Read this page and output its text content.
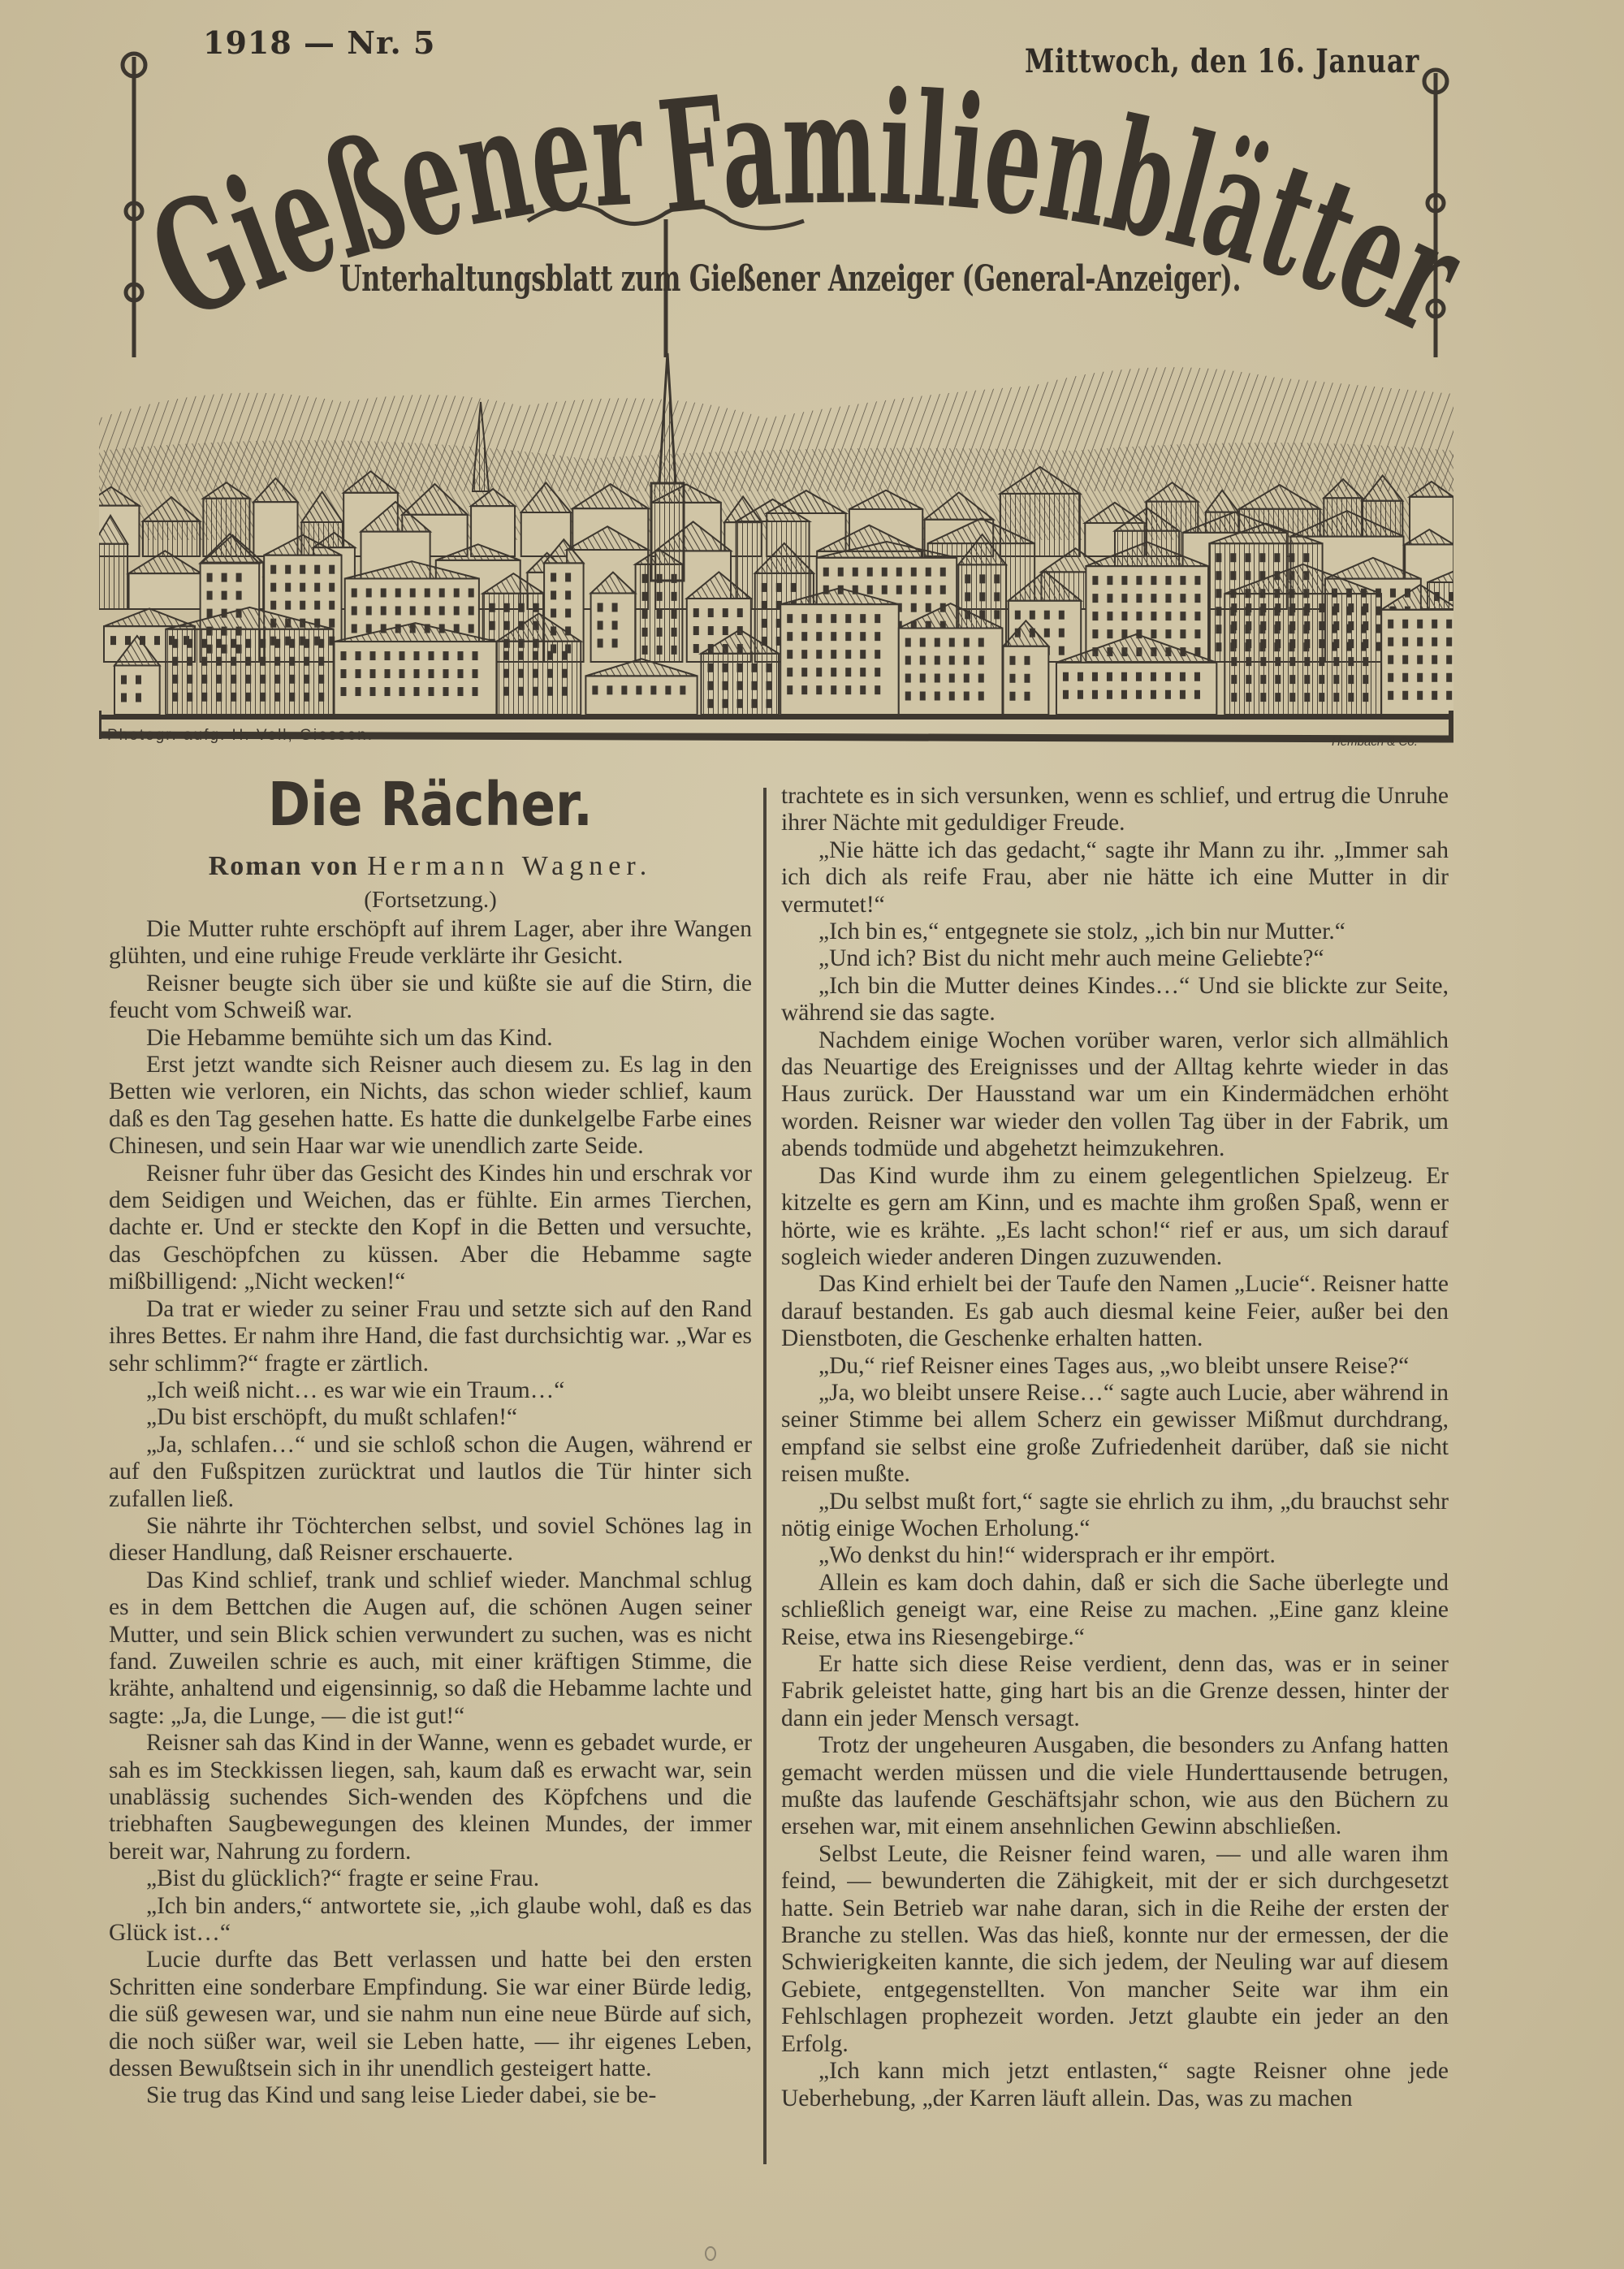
1918 — Nr. 5	Mittwoch, den 16. Januar
Gießener
Familienblätter
Unterhaltungsblatt zum Gießener Anzeiger (General-Anzeiger).
Photogr. aufg. H. Voll, Giessen.	Hembach & Co.
Die Rächer.
Roman von Hermann Wagner.
(Fortsetzung.)

Die Mutter ruhte erschöpft auf ihrem Lager, aber ihre Wangen glühten, und eine ruhige Freude verklärte ihr Gesicht.

Reisner beugte sich über sie und küßte sie auf die Stirn, die feucht vom Schweiß war.

Die Hebamme bemühte sich um das Kind.

Erst jetzt wandte sich Reisner auch diesem zu. Es lag in den Betten wie verloren, ein Nichts, das schon wieder schlief, kaum daß es den Tag gesehen hatte. Es hatte die dunkelgelbe Farbe eines Chinesen, und sein Haar war wie unendlich zarte Seide.

Reisner fuhr über das Gesicht des Kindes hin und erschrak vor dem Seidigen und Weichen, das er fühlte. Ein armes Tierchen, dachte er. Und er steckte den Kopf in die Betten und versuchte, das Geschöpfchen zu küssen. Aber die Hebamme sagte mißbilligend: „Nicht wecken!“

Da trat er wieder zu seiner Frau und setzte sich auf den Rand ihres Bettes. Er nahm ihre Hand, die fast durchsichtig war. „War es sehr schlimm?“ fragte er zärtlich.

„Ich weiß nicht… es war wie ein Traum…“

„Du bist erschöpft, du mußt schlafen!“

„Ja, schlafen…“ und sie schloß schon die Augen, während er auf den Fußspitzen zurücktrat und lautlos die Tür hinter sich zufallen ließ.

Sie nährte ihr Töchterchen selbst, und soviel Schönes lag in dieser Handlung, daß Reisner erschauerte.

Das Kind schlief, trank und schlief wieder. Manchmal schlug es in dem Bettchen die Augen auf, die schönen Augen seiner Mutter, und sein Blick schien verwundert zu suchen, was es nicht fand. Zuweilen schrie es auch, mit einer kräftigen Stimme, die krähte, anhaltend und eigensinnig, so daß die Hebamme lachte und sagte: „Ja, die Lunge, — die ist gut!“

Reisner sah das Kind in der Wanne, wenn es gebadet wurde, er sah es im Steckkissen liegen, sah, kaum daß es erwacht war, sein unablässig suchendes Sich-wenden des Köpfchens und die triebhaften Saugbewegungen des kleinen Mundes, der immer bereit war, Nahrung zu fordern.

„Bist du glücklich?“ fragte er seine Frau.

„Ich bin anders,“ antwortete sie, „ich glaube wohl, daß es das Glück ist…“

Lucie durfte das Bett verlassen und hatte bei den ersten Schritten eine sonderbare Empfindung. Sie war einer Bürde ledig, die süß gewesen war, und sie nahm nun eine neue Bürde auf sich, die noch süßer war, weil sie Leben hatte, — ihr eigenes Leben, dessen Bewußtsein sich in ihr unendlich gesteigert hatte.

Sie trug das Kind und sang leise Lieder dabei, sie be-

trachtete es in sich versunken, wenn es schlief, und ertrug die Unruhe ihrer Nächte mit geduldiger Freude.

„Nie hätte ich das gedacht,“ sagte ihr Mann zu ihr. „Immer sah ich dich als reife Frau, aber nie hätte ich eine Mutter in dir vermutet!“

„Ich bin es,“ entgegnete sie stolz, „ich bin nur Mutter.“

„Und ich? Bist du nicht mehr auch meine Geliebte?“

„Ich bin die Mutter deines Kindes…“ Und sie blickte zur Seite, während sie das sagte.

Nachdem einige Wochen vorüber waren, verlor sich allmählich das Neuartige des Ereignisses und der Alltag kehrte wieder in das Haus zurück. Der Hausstand war um ein Kindermädchen erhöht worden. Reisner war wieder den vollen Tag über in der Fabrik, um abends todmüde und abgehetzt heimzukehren.

Das Kind wurde ihm zu einem gelegentlichen Spielzeug. Er kitzelte es gern am Kinn, und es machte ihm großen Spaß, wenn er hörte, wie es krähte. „Es lacht schon!“ rief er aus, um sich darauf sogleich wieder anderen Dingen zuzuwenden.

Das Kind erhielt bei der Taufe den Namen „Lucie“. Reisner hatte darauf bestanden. Es gab auch diesmal keine Feier, außer bei den Dienstboten, die Geschenke erhalten hatten.

„Du,“ rief Reisner eines Tages aus, „wo bleibt unsere Reise?“

„Ja, wo bleibt unsere Reise…“ sagte auch Lucie, aber während in seiner Stimme bei allem Scherz ein gewisser Mißmut durchdrang, empfand sie selbst eine große Zufriedenheit darüber, daß sie nicht reisen mußte.

„Du selbst mußt fort,“ sagte sie ehrlich zu ihm, „du brauchst sehr nötig einige Wochen Erholung.“

„Wo denkst du hin!“ widersprach er ihr empört.

Allein es kam doch dahin, daß er sich die Sache überlegte und schließlich geneigt war, eine Reise zu machen. „Eine ganz kleine Reise, etwa ins Riesengebirge.“

Er hatte sich diese Reise verdient, denn das, was er in seiner Fabrik geleistet hatte, ging hart bis an die Grenze dessen, hinter der dann ein jeder Mensch versagt.

Trotz der ungeheuren Ausgaben, die besonders zu Anfang hatten gemacht werden müssen und die viele Hunderttausende betrugen, mußte das laufende Geschäftsjahr schon, wie aus den Büchern zu ersehen war, mit einem ansehnlichen Gewinn abschließen.

Selbst Leute, die Reisner feind waren, — und alle waren ihm feind, — bewunderten die Zähigkeit, mit der er sich durchgesetzt hatte. Sein Betrieb war nahe daran, sich in die Reihe der ersten der Branche zu stellen. Was das hieß, konnte nur der ermessen, der die Schwierigkeiten kannte, die sich jedem, der Neuling war auf diesem Gebiete, entgegenstellten. Von mancher Seite war ihm ein Fehlschlagen prophezeit worden. Jetzt glaubte ein jeder an den Erfolg.

„Ich kann mich jetzt entlasten,“ sagte Reisner ohne jede Ueberhebung, „der Karren läuft allein. Das, was zu machen
